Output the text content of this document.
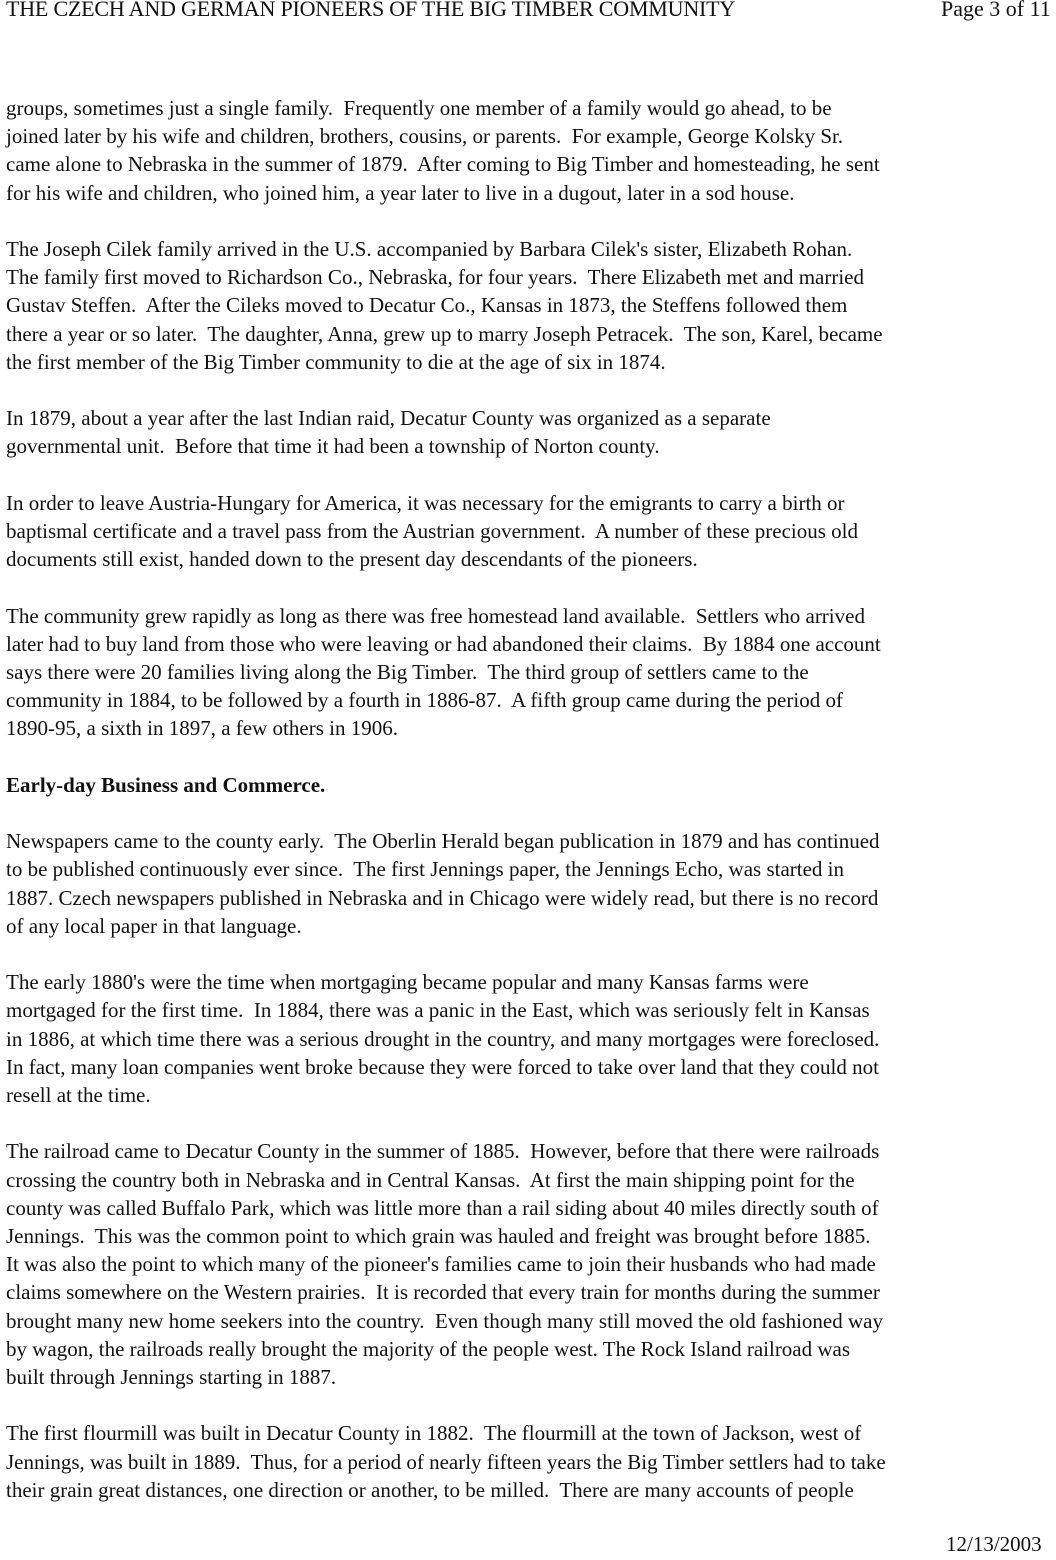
THE CZECH AND GERMAN PIONEERS OF THE BIG TIMBER COMMUNITY	Page 3 of 11

groups, sometimes just a single family.  Frequently one member of a family would go ahead, to be
joined later by his wife and children, brothers, cousins, or parents.  For example, George Kolsky Sr.
came alone to Nebraska in the summer of 1879.  After coming to Big Timber and homesteading, he sent
for his wife and children, who joined him, a year later to live in a dugout, later in a sod house.

The Joseph Cilek family arrived in the U.S. accompanied by Barbara Cilek's sister, Elizabeth Rohan.
The family first moved to Richardson Co., Nebraska, for four years.  There Elizabeth met and married
Gustav Steffen.  After the Cileks moved to Decatur Co., Kansas in 1873, the Steffens followed them
there a year or so later.  The daughter, Anna, grew up to marry Joseph Petracek.  The son, Karel, became
the first member of the Big Timber community to die at the age of six in 1874.

In 1879, about a year after the last Indian raid, Decatur County was organized as a separate
governmental unit.  Before that time it had been a township of Norton county.

In order to leave Austria-Hungary for America, it was necessary for the emigrants to carry a birth or
baptismal certificate and a travel pass from the Austrian government.  A number of these precious old
documents still exist, handed down to the present day descendants of the pioneers.

The community grew rapidly as long as there was free homestead land available.  Settlers who arrived
later had to buy land from those who were leaving or had abandoned their claims.  By 1884 one account
says there were 20 families living along the Big Timber.  The third group of settlers came to the
community in 1884, to be followed by a fourth in 1886-87.  A fifth group came during the period of
1890-95, a sixth in 1897, a few others in 1906.

Early-day Business and Commerce.

Newspapers came to the county early.  The Oberlin Herald began publication in 1879 and has continued
to be published continuously ever since.  The first Jennings paper, the Jennings Echo, was started in
1887. Czech newspapers published in Nebraska and in Chicago were widely read, but there is no record
of any local paper in that language.

The early 1880's were the time when mortgaging became popular and many Kansas farms were
mortgaged for the first time.  In 1884, there was a panic in the East, which was seriously felt in Kansas
in 1886, at which time there was a serious drought in the country, and many mortgages were foreclosed.
In fact, many loan companies went broke because they were forced to take over land that they could not
resell at the time.

The railroad came to Decatur County in the summer of 1885.  However, before that there were railroads
crossing the country both in Nebraska and in Central Kansas.  At first the main shipping point for the
county was called Buffalo Park, which was little more than a rail siding about 40 miles directly south of
Jennings.  This was the common point to which grain was hauled and freight was brought before 1885.
It was also the point to which many of the pioneer's families came to join their husbands who had made
claims somewhere on the Western prairies.  It is recorded that every train for months during the summer
brought many new home seekers into the country.  Even though many still moved the old fashioned way
by wagon, the railroads really brought the majority of the people west. The Rock Island railroad was
built through Jennings starting in 1887.

The first flourmill was built in Decatur County in 1882.  The flourmill at the town of Jackson, west of
Jennings, was built in 1889.  Thus, for a period of nearly fifteen years the Big Timber settlers had to take
their grain great distances, one direction or another, to be milled.  There are many accounts of people

12/13/2003
